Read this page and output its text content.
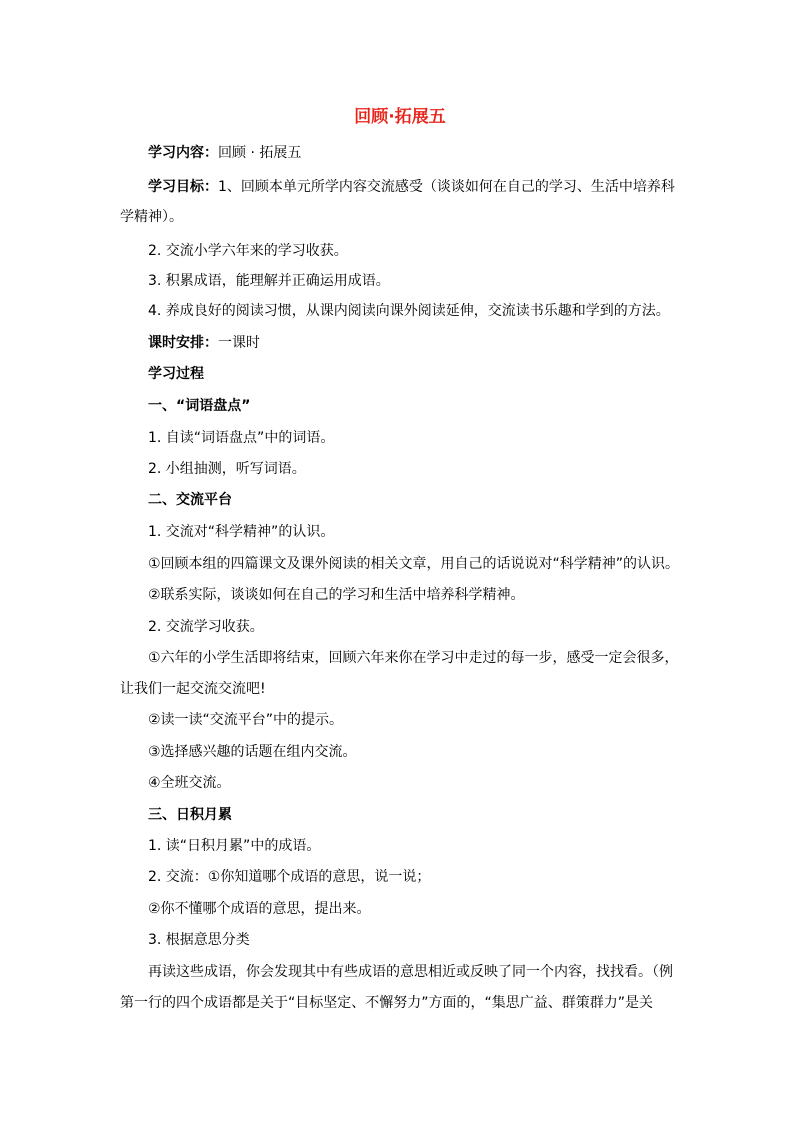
回顾·拓展五
学习内容：回顾 · 拓展五
学习目标：1、回顾本单元所学内容交流感受（谈谈如何在自己的学习、生活中培养科
学精神）。
2. 交流小学六年来的学习收获。
3. 积累成语，能理解并正确运用成语。
4. 养成良好的阅读习惯，从课内阅读向课外阅读延伸，交流读书乐趣和学到的方法。
课时安排：一课时
学习过程
一、“词语盘点”
1. 自读“词语盘点”中的词语。
2. 小组抽测，听写词语。
二、交流平台
1. 交流对“科学精神”的认识。
①回顾本组的四篇课文及课外阅读的相关文章，用自己的话说说对“科学精神”的认识。
②联系实际，谈谈如何在自己的学习和生活中培养科学精神。
2. 交流学习收获。
①六年的小学生活即将结束，回顾六年来你在学习中走过的每一步，感受一定会很多，
让我们一起交流交流吧!
②读一读“交流平台”中的提示。
③选择感兴趣的话题在组内交流。
④全班交流。
三、日积月累
1. 读“日积月累”中的成语。
2. 交流：①你知道哪个成语的意思，说一说；
②你不懂哪个成语的意思，提出来。
3. 根据意思分类
再读这些成语，你会发现其中有些成语的意思相近或反映了同一个内容，找找看。（例
第一行的四个成语都是关于“目标坚定、不懈努力”方面的，“集思广益、群策群力”是关
